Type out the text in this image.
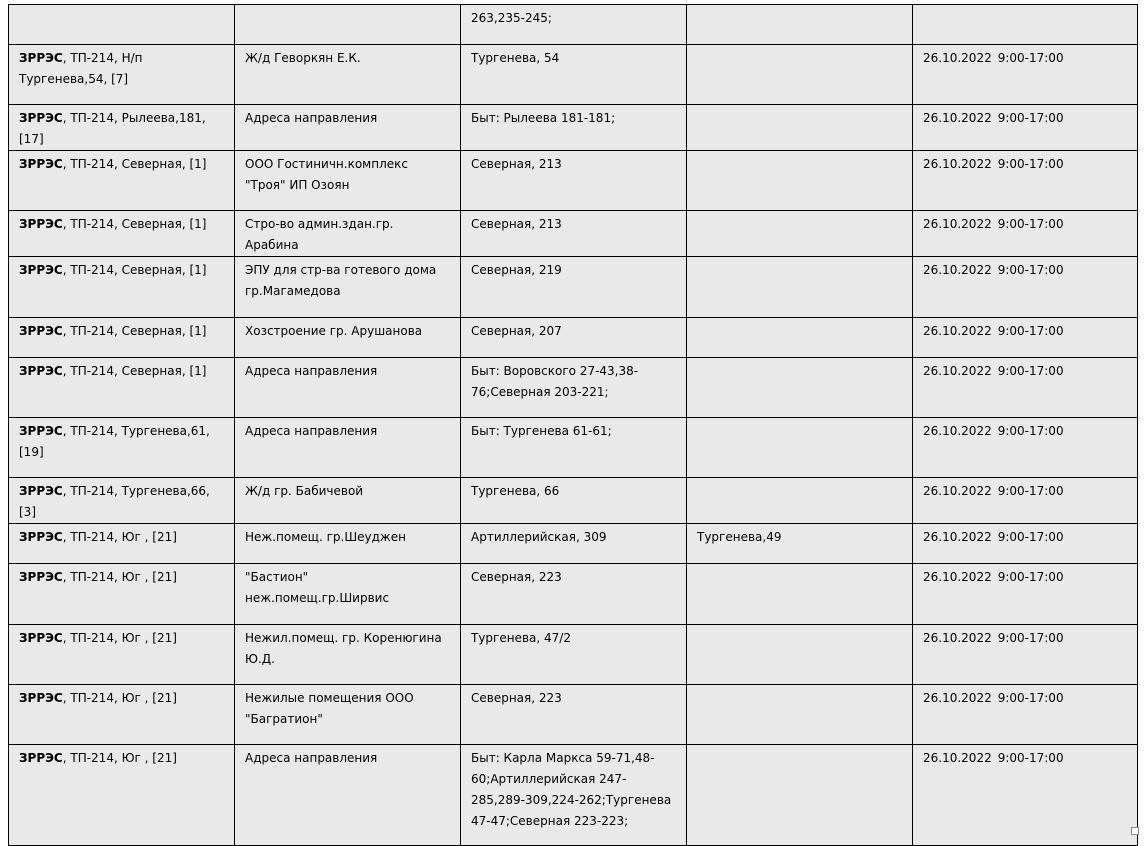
		263,235-245;		
ЗРРЭС, ТП-214, Н/п Тургенева,54, [7]	Ж/д Геворкян Е.К.	Тургенева, 54		26.10.2022 9:00-17:00
ЗРРЭС, ТП-214, Рылеева,181, [17]	Адреса направления	Быт: Рылеева 181-181;		26.10.2022 9:00-17:00
ЗРРЭС, ТП-214, Северная, [1]	ООО Гостиничн.комплекс "Троя" ИП Озоян	Северная, 213		26.10.2022 9:00-17:00
ЗРРЭС, ТП-214, Северная, [1]	Стро-во админ.здан.гр. Арабина	Северная, 213		26.10.2022 9:00-17:00
ЗРРЭС, ТП-214, Северная, [1]	ЭПУ для стр-ва готевого дома гр.Магамедова	Северная, 219		26.10.2022 9:00-17:00
ЗРРЭС, ТП-214, Северная, [1]	Хозстроение гр. Арушанова	Северная, 207		26.10.2022 9:00-17:00
ЗРРЭС, ТП-214, Северная, [1]	Адреса направления	Быт: Воровского 27-43,38-76;Северная 203-221;		26.10.2022 9:00-17:00
ЗРРЭС, ТП-214, Тургенева,61, [19]	Адреса направления	Быт: Тургенева 61-61;		26.10.2022 9:00-17:00
ЗРРЭС, ТП-214, Тургенева,66, [3]	Ж/д гр. Бабичевой	Тургенева, 66		26.10.2022 9:00-17:00
ЗРРЭС, ТП-214, Юг , [21]	Неж.помещ. гр.Шеуджен	Артиллерийская, 309	Тургенева,49	26.10.2022 9:00-17:00
ЗРРЭС, ТП-214, Юг , [21]	"Бастион" неж.помещ.гр.Ширвис	Северная, 223		26.10.2022 9:00-17:00
ЗРРЭС, ТП-214, Юг , [21]	Нежил.помещ. гр. Коренюгина Ю.Д.	Тургенева, 47/2		26.10.2022 9:00-17:00
ЗРРЭС, ТП-214, Юг , [21]	Нежилые помещения ООО "Багратион"	Северная, 223		26.10.2022 9:00-17:00
ЗРРЭС, ТП-214, Юг , [21]	Адреса направления	Быт: Карла Маркса 59-71,48-60;Артиллерийская 247-285,289-309,224-262;Тургенева 47-47;Северная 223-223;		26.10.2022 9:00-17:00
